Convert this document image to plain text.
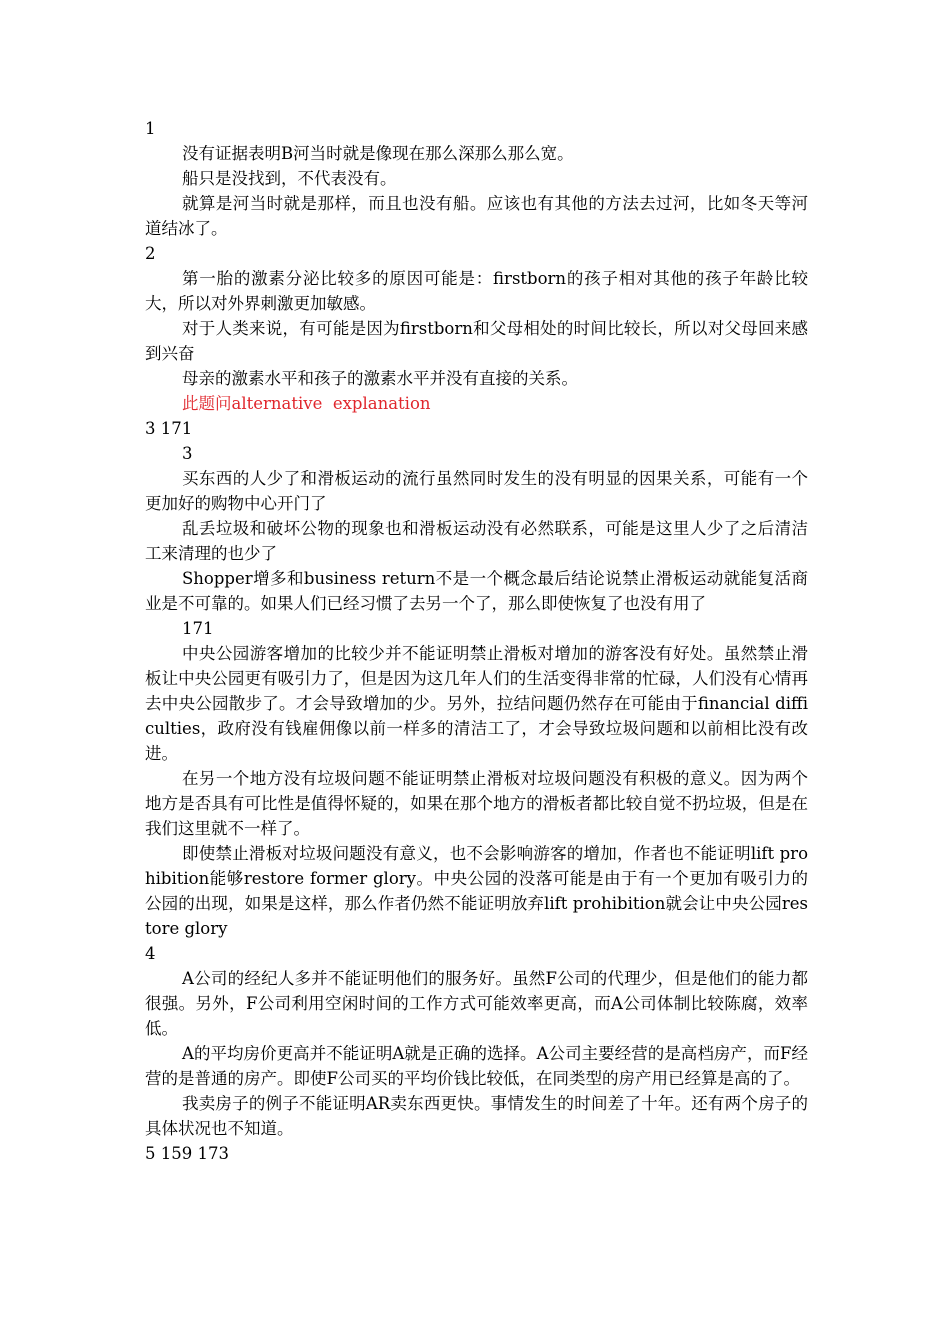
1

没有证据表明B河当时就是像现在那么深那么那么宽。

船只是没找到，不代表没有。

就算是河当时就是那样，而且也没有船。应该也有其他的方法去过河，比如冬天等河道结冰了。

2

第一胎的激素分泌比较多的原因可能是：firstborn的孩子相对其他的孩子年龄比较大，所以对外界刺激更加敏感。

对于人类来说，有可能是因为firstborn和父母相处的时间比较长，所以对父母回来感到兴奋

母亲的激素水平和孩子的激素水平并没有直接的关系。

此题问alternative  explanation

3 171

3

买东西的人少了和滑板运动的流行虽然同时发生的没有明显的因果关系，可能有一个更加好的购物中心开门了

乱丢垃圾和破坏公物的现象也和滑板运动没有必然联系，可能是这里人少了之后清洁工来清理的也少了

Shopper增多和business return不是一个概念最后结论说禁止滑板运动就能复活商业是不可靠的。如果人们已经习惯了去另一个了，那么即使恢复了也没有用了

171

中央公园游客增加的比较少并不能证明禁止滑板对增加的游客没有好处。虽然禁止滑板让中央公园更有吸引力了，但是因为这几年人们的生活变得非常的忙碌，人们没有心情再去中央公园散步了。才会导致增加的少。另外，拉结问题仍然存在可能由于financial difficulties，政府没有钱雇佣像以前一样多的清洁工了，才会导致垃圾问题和以前相比没有改进。

在另一个地方没有垃圾问题不能证明禁止滑板对垃圾问题没有积极的意义。因为两个地方是否具有可比性是值得怀疑的，如果在那个地方的滑板者都比较自觉不扔垃圾，但是在我们这里就不一样了。

即使禁止滑板对垃圾问题没有意义，也不会影响游客的增加，作者也不能证明lift prohibition能够restore former glory。中央公园的没落可能是由于有一个更加有吸引力的公园的出现，如果是这样，那么作者仍然不能证明放弃lift prohibition就会让中央公园restore glory

4

A公司的经纪人多并不能证明他们的服务好。虽然F公司的代理少，但是他们的能力都很强。另外，F公司利用空闲时间的工作方式可能效率更高，而A公司体制比较陈腐，效率低。

A的平均房价更高并不能证明A就是正确的选择。A公司主要经营的是高档房产，而F经营的是普通的房产。即使F公司买的平均价钱比较低，在同类型的房产用已经算是高的了。

我卖房子的例子不能证明AR卖东西更快。事情发生的时间差了十年。还有两个房子的具体状况也不知道。

5 159 173
